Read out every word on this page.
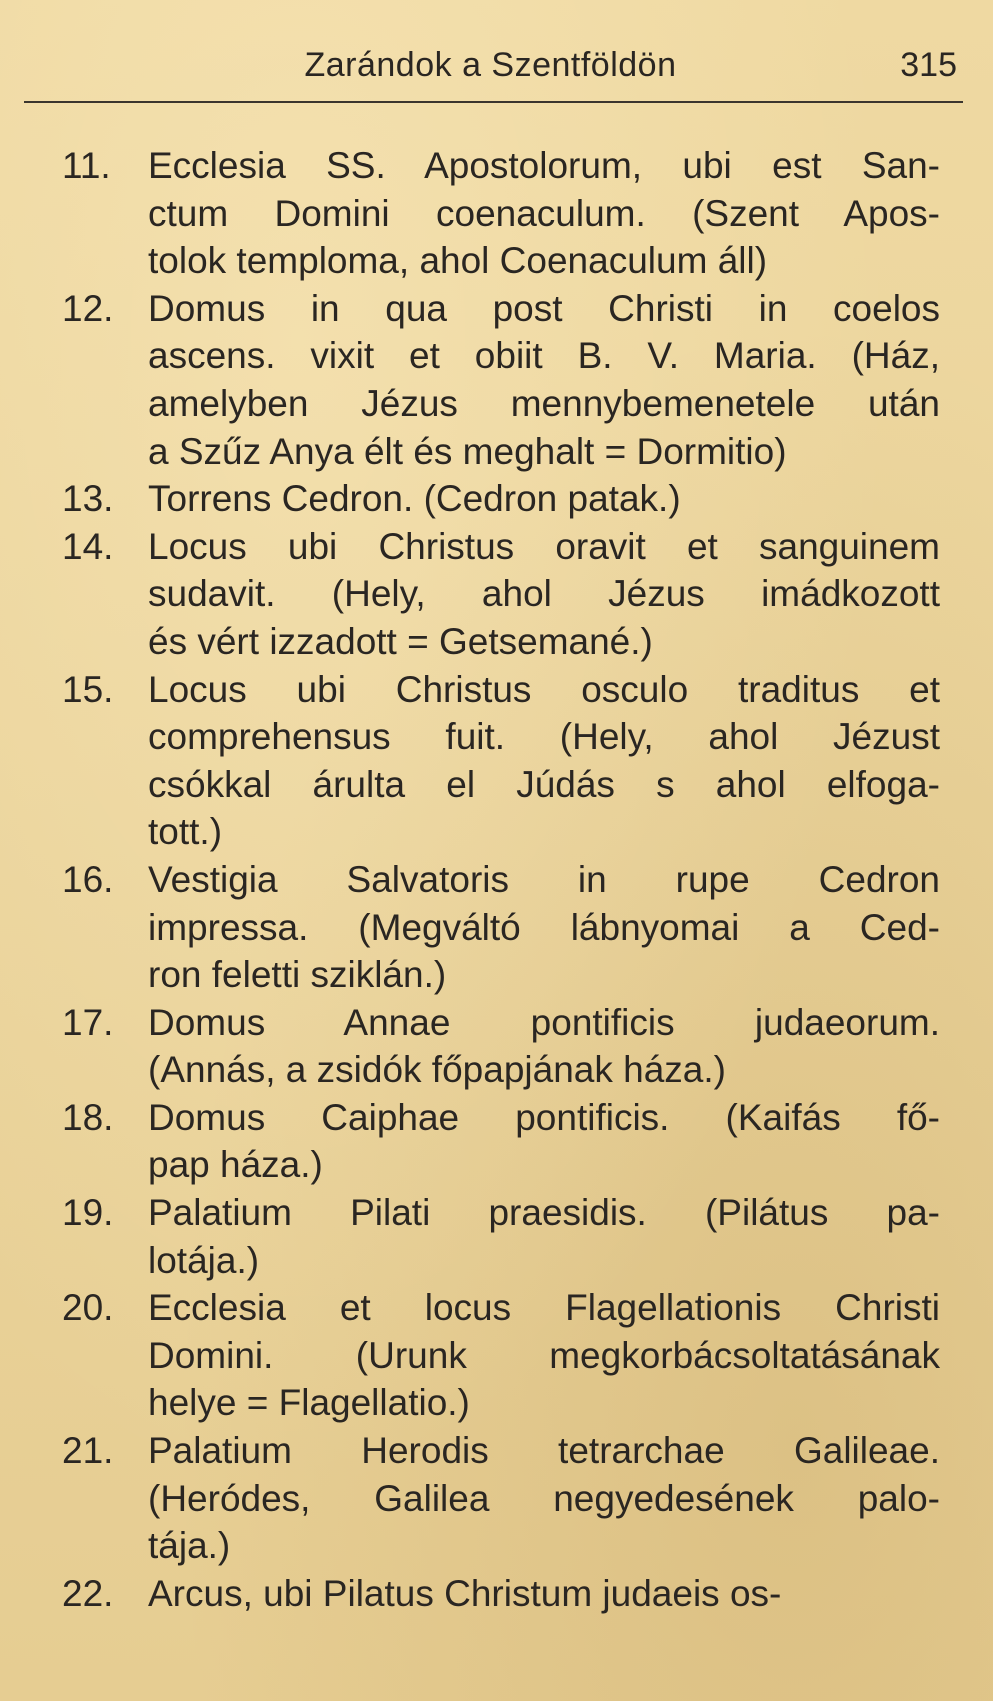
Zarándok a Szentföldön	315
11.	Ecclesia SS. Apostolorum, ubi est San-
ctum Domini coenaculum. (Szent Apos-
tolok temploma, ahol Coenaculum áll)
12. Domus in qua post Christi in coelos
ascens. vixit et obiit B. V. Maria. (Ház,
amelyben Jézus mennybemenetele után
a Szűz Anya élt és meghalt = Dormitio)
13. Torrens Cedron. (Cedron patak.)
14. Locus ubi Christus oravit et sanguinem
sudavit. (Hely, ahol Jézus imádkozott
és vért izzadott = Getsemané.)
15. Locus ubi Christus osculo traditus et
comprehensus fuit. (Hely, ahol Jézust
csókkal árulta el Júdás s ahol elfoga-
tott.)
16. Vestigia Salvatoris in rupe Cedron
impressa. (Megváltó lábnyomai a Ced-
ron feletti sziklán.)
17. Domus Annae pontificis judaeorum.
(Annás, a zsidók főpapjának háza.)
18. Domus Caiphae pontificis. (Kaifás fő-
pap háza.)
19. Palatium Pilati praesidis. (Pilátus pa-
lotája.)
20. Ecclesia et locus Flagellationis Christi
Domini. (Urunk megkorbácsoltatásának
helye = Flagellatio.)
21. Palatium Herodis tetrarchae Galileae.
(Heródes, Galilea negyedesének palo-
tája.)
22. Arcus, ubi Pilatus Christum judaeis os-
